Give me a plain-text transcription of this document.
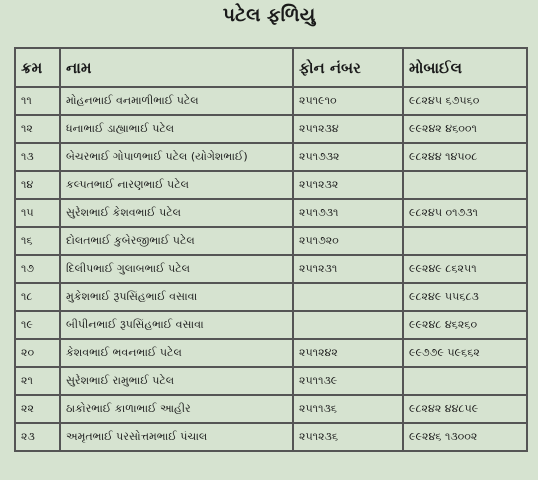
પટેલ ફળિયુ
ક્રમ	નામ	ફોન નંબર	મોબાઈલ
૧૧	મોહનભાઈ વનમાળીભાઈ પટેલ	૨૫૧૯૧૦	૯૮૨૪૫ ૬૭૫૬૦
૧૨	ધનાભાઈ ડાહ્યાભાઈ પટેલ	૨૫૧૨૩૪	૯૯૨૪૨ ૪૬૦૦૧
૧૩	બેચરભાઈ ગોપાળભાઈ પટેલ (યોગેશભાઈ)	૨૫૧૭૩૨	૯૮૨૪૪ ૧૪૫૦૮
૧૪	કલ્પતભાઈ નારણભાઈ પટેલ	૨૫૧૨૩૨	
૧૫	સુરેશભાઈ કેશવભાઈ પટેલ	૨૫૧૭૩૧	૯૮૨૪૫ ૦૧૭૩૧
૧૬	દોલતભાઈ કુબેરજીભાઈ પટેલ	૨૫૧૭૨૦	
૧૭	દિલીપભાઈ ગુલાબભાઈ પટેલ	૨૫૧૨૩૧	૯૯૨૪૯ ૮૬૨૫૧
૧૮	મુકેશભાઈ રૂપસિંહભાઈ વસાવા		૯૮૨૪૯ ૫૫૬૮૩
૧૯	બીપીનભાઈ રૂપસિંહભાઈ વસાવા		૯૯૨૪૮ ૪૬૨૬૦
૨૦	કેશવભાઈ ભવનભાઈ પટેલ	૨૫૧૨૪૨	૯૯૭૭૯ ૫૯૬૬૨
૨૧	સુરેશભાઈ રામુભાઈ પટેલ	૨૫૧૧૩૯	
૨૨	ઠાકોરભાઈ કાળાભાઈ આહીર	૨૫૧૧૩૬	૯૮૨૪૨ ૪૪૮૫૯
૨૩	અમૃતભાઈ પરસોત્તમભાઈ પંચાલ	૨૫૧૨૩૬	૯૯૨૪૬ ૧૩૦૦૨
